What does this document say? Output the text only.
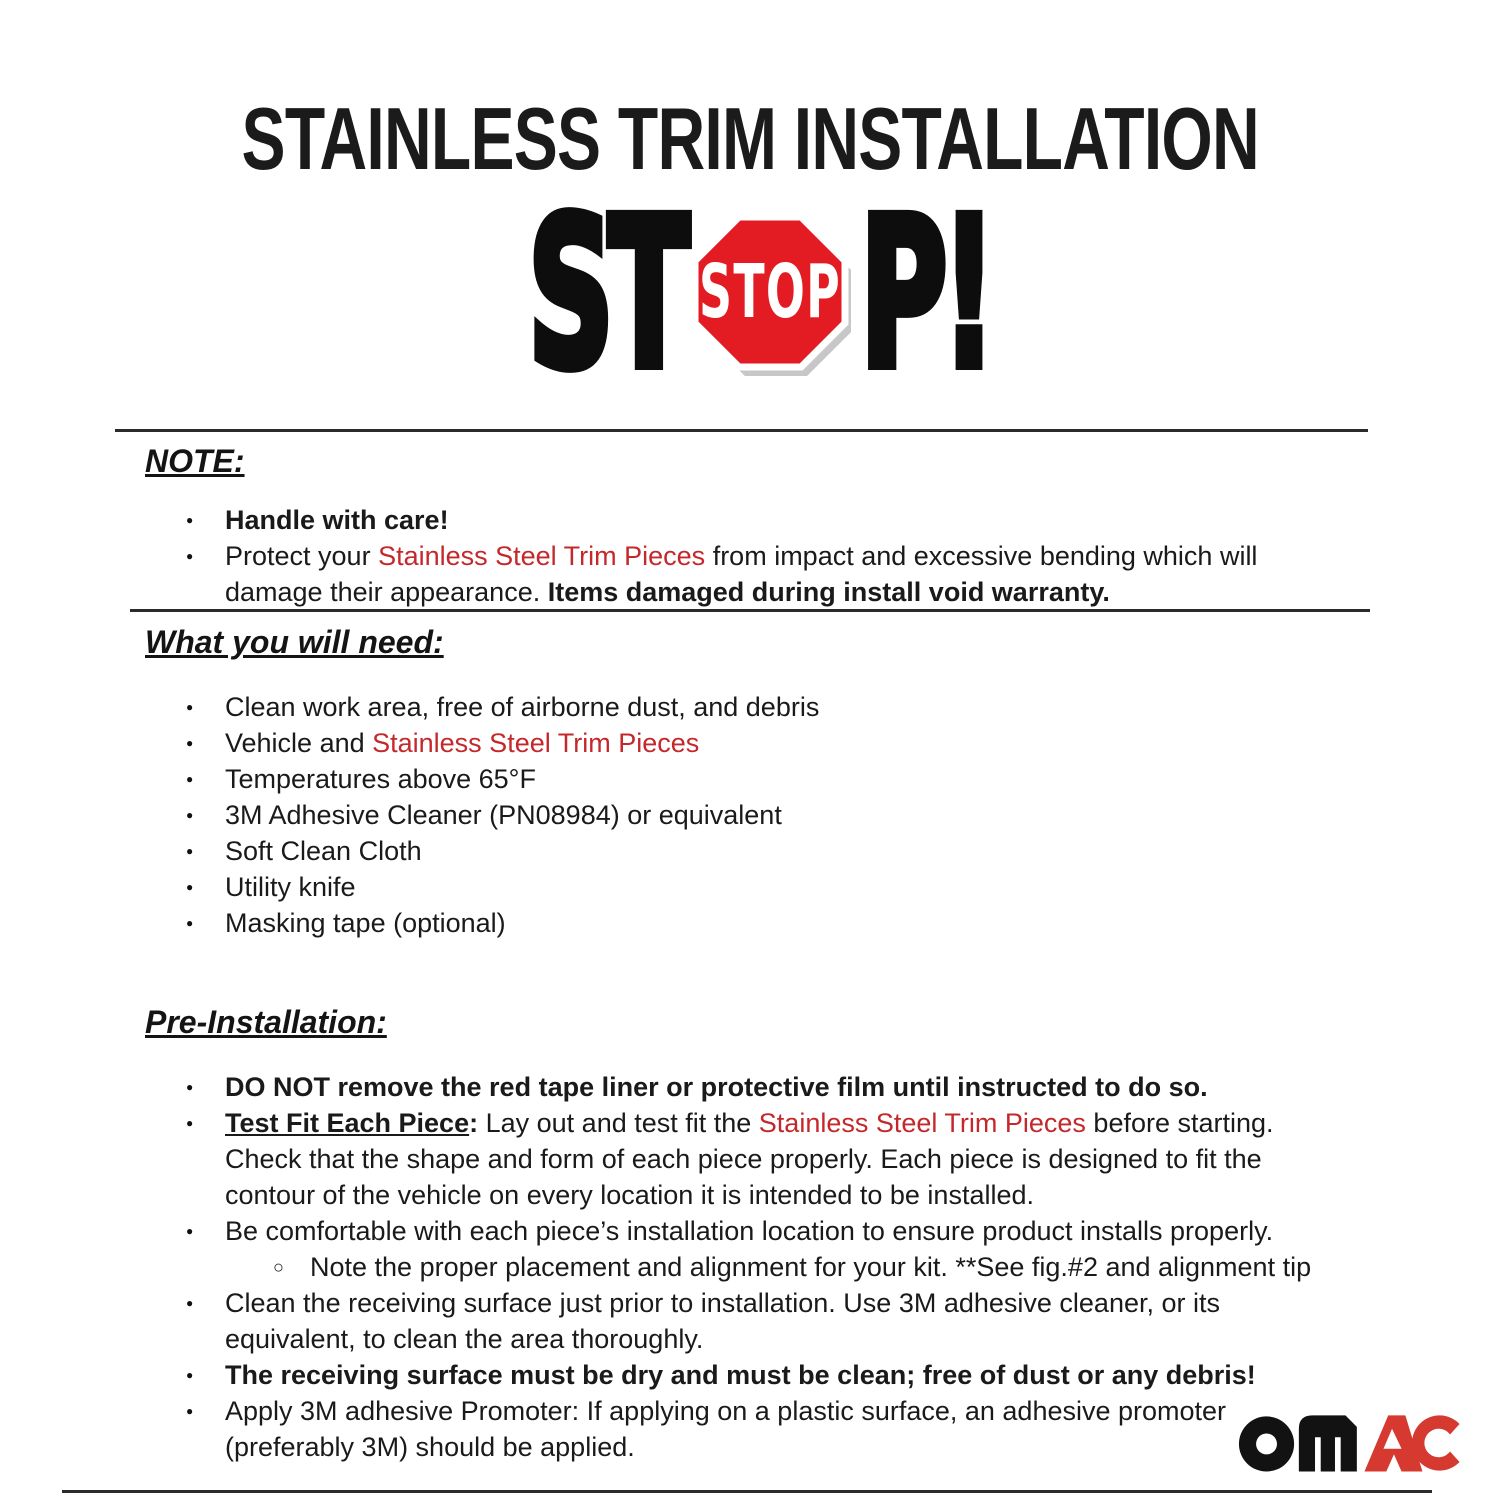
STAINLESS TRIM INSTALLATION
ST STOP P!
NOTE:
● Handle with care!
● Protect your Stainless Steel Trim Pieces from impact and excessive bending which will damage their appearance. Items damaged during install void warranty.
What you will need:
● Clean work area, free of airborne dust, and debris
● Vehicle and Stainless Steel Trim Pieces
● Temperatures above 65°F
● 3M Adhesive Cleaner (PN08984) or equivalent
● Soft Clean Cloth
● Utility knife
● Masking tape (optional)
Pre-Installation:
● DO NOT remove the red tape liner or protective film until instructed to do so.
● Test Fit Each Piece: Lay out and test fit the Stainless Steel Trim Pieces before starting. Check that the shape and form of each piece properly. Each piece is designed to fit the contour of the vehicle on every location it is intended to be installed.
● Be comfortable with each piece’s installation location to ensure product installs properly.
○ Note the proper placement and alignment for your kit. **See fig.#2 and alignment tip
● Clean the receiving surface just prior to installation. Use 3M adhesive cleaner, or its equivalent, to clean the area thoroughly.
● The receiving surface must be dry and must be clean; free of dust or any debris!
● Apply 3M adhesive Promoter: If applying on a plastic surface, an adhesive promoter (preferably 3M) should be applied.
